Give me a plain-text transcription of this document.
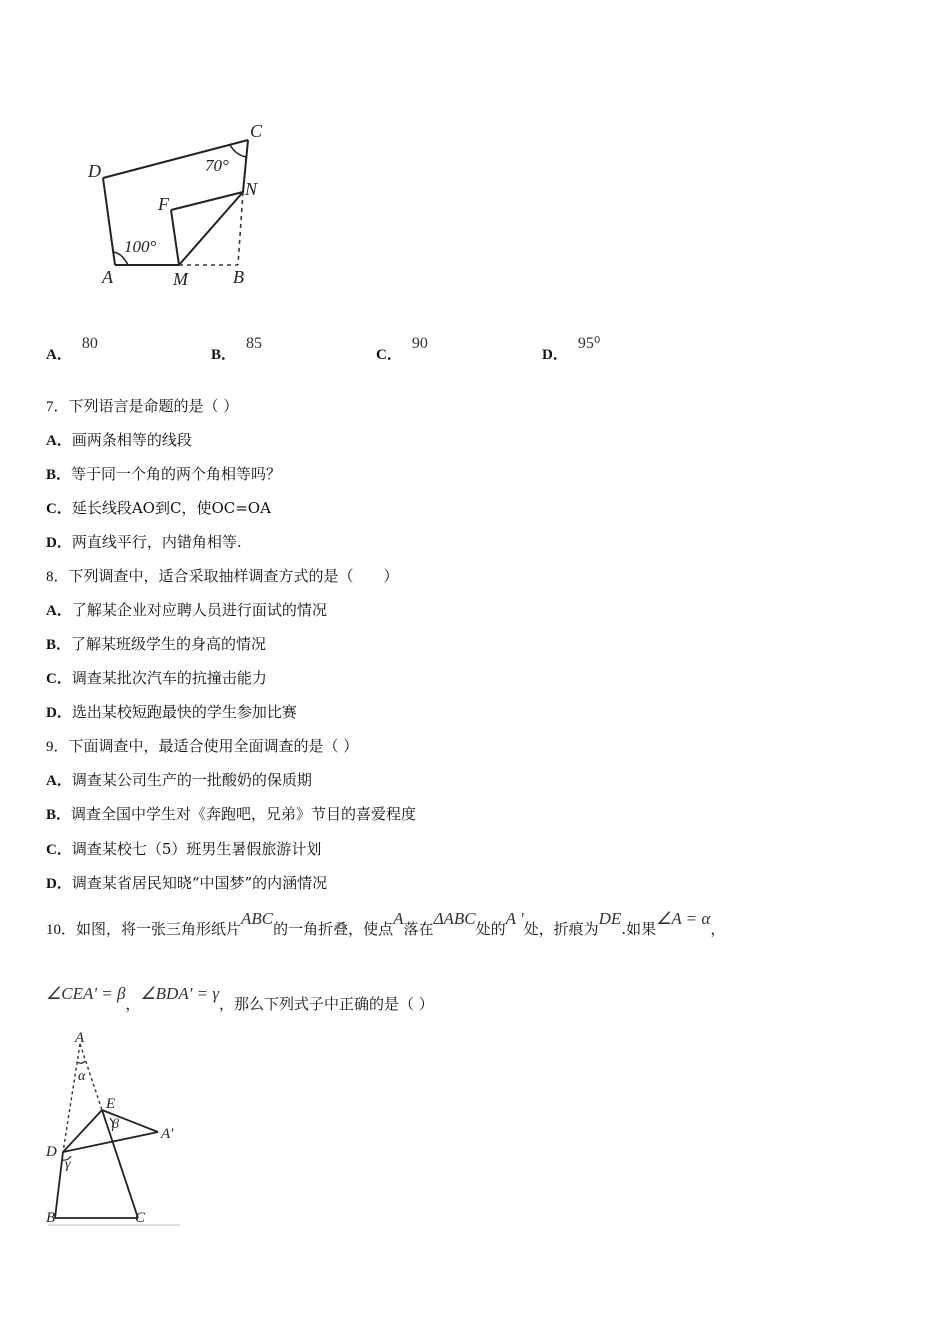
C
D
N
F
A	M	B
70°
100°
A．80
B．85
C．90
D．95⁰
7．下列语言是命题的是（ ）
A．画两条相等的线段
B．等于同一个角的两个角相等吗？
C．延长线段AO到C，使OC=OA
D．两直线平行，内错角相等.
8．下列调查中，适合采取抽样调查方式的是（　　）
A．了解某企业对应聘人员进行面试的情况
B．了解某班级学生的身高的情况
C．调查某批次汽车的抗撞击能力
D．选出某校短跑最快的学生参加比赛
9．下面调查中，最适合使用全面调查的是（ ）
A．调查某公司生产的一批酸奶的保质期
B．调查全国中学生对《奔跑吧，兄弟》节目的喜爱程度
C．调查某校七（5）班男生暑假旅游计划
D．调查某省居民知晓“中国梦”的内涵情况
10．如图，将一张三角形纸片ABC的一角折叠，使点A落在ΔABC处的A '处，折痕为DE.如果∠A = α，
∠CEA' = β，∠BDA' = γ，那么下列式子中正确的是（ ）
A
α
E
β
A′
D
γ
B	C
